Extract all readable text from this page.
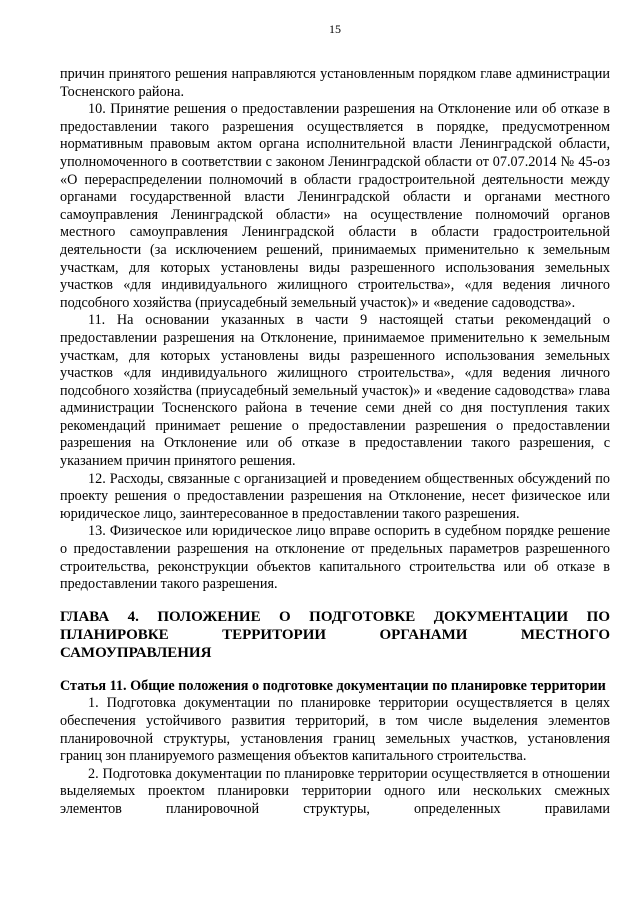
15

причин принятого решения направляются установленным порядком главе администрации Тосненского района.

10. Принятие решения о предоставлении разрешения на Отклонение или об отказе в предоставлении такого разрешения осуществляется в порядке, предусмотренном нормативным правовым актом органа исполнительной власти Ленинградской области, уполномоченного в соответствии с законом Ленинградской области от 07.07.2014 № 45-оз «О перераспределении полномочий в области градостроительной деятельности между органами государственной власти Ленинградской области и органами местного самоуправления Ленинградской области» на осуществление полномочий органов местного самоуправления Ленинградской области в области градостроительной деятельности (за исключением решений, принимаемых применительно к земельным участкам, для которых установлены виды разрешенного использования земельных участков «для индивидуального жилищного строительства», «для ведения личного подсобного хозяйства (приусадебный земельный участок)» и «ведение садоводства».

11. На основании указанных в части 9 настоящей статьи рекомендаций о предоставлении разрешения на Отклонение, принимаемое применительно к земельным участкам, для которых установлены виды разрешенного использования земельных участков «для индивидуального жилищного строительства», «для ведения личного подсобного хозяйства (приусадебный земельный участок)» и «ведение садоводства» глава администрации Тосненского района в течение семи дней со дня поступления таких рекомендаций принимает решение о предоставлении разрешения о предоставлении разрешения на Отклонение или об отказе в предоставлении такого разрешения, с указанием причин принятого решения.

12. Расходы, связанные с организацией и проведением общественных обсуждений по проекту решения о предоставлении разрешения на Отклонение, несет физическое или юридическое лицо, заинтересованное в предоставлении такого разрешения.

13. Физическое или юридическое лицо вправе оспорить в судебном порядке решение о предоставлении разрешения на отклонение от предельных параметров разрешенного строительства, реконструкции объектов капитального строительства или об отказе в предоставлении такого разрешения.

ГЛАВА 4. ПОЛОЖЕНИЕ О ПОДГОТОВКЕ ДОКУМЕНТАЦИИ ПО ПЛАНИРОВКЕ ТЕРРИТОРИИ ОРГАНАМИ МЕСТНОГО САМОУПРАВЛЕНИЯ
Статья 11. Общие положения о подготовке документации по планировке территории

1. Подготовка документации по планировке территории осуществляется в целях обеспечения устойчивого развития территорий, в том числе выделения элементов планировочной структуры, установления границ земельных участков, установления границ зон планируемого размещения объектов капитального строительства.

2. Подготовка документации по планировке территории осуществляется в отношении выделяемых проектом планировки территории одного или нескольких смежных элементов планировочной структуры, определенных правилами
